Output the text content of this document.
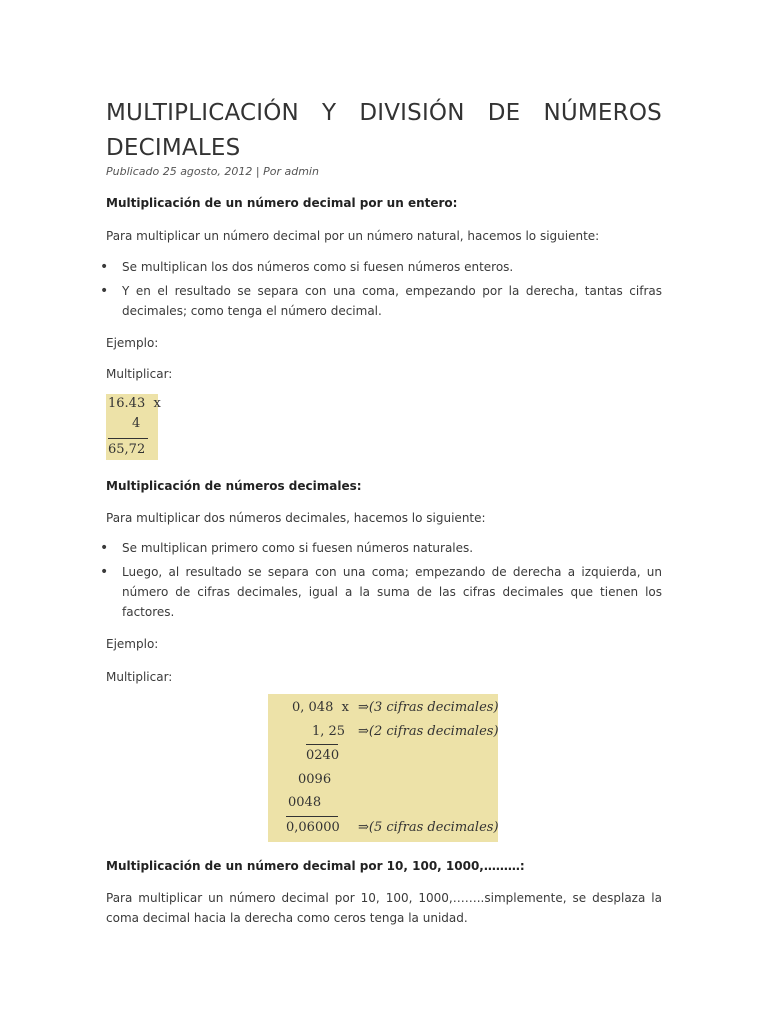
MULTIPLICACIÓN Y DIVISIÓN DE NÚMEROS
DECIMALES
Publicado 25 agosto, 2012 | Por admin
Multiplicación de un número decimal por un entero:
Para multiplicar un número decimal por un número natural, hacemos lo siguiente:
• Se multiplican los dos números como si fuesen números enteros.
• Y en el resultado se separa con una coma, empezando por la derecha, tantas cifras decimales; como tenga el número decimal.
Ejemplo:
Multiplicar:
16.43  x
4
65,72
Multiplicación de números decimales:
Para multiplicar dos números decimales, hacemos lo siguiente:
• Se multiplican primero como si fuesen números naturales.
• Luego, al resultado se separa con una coma; empezando de derecha a izquierda, un número de cifras decimales, igual a la suma de las cifras decimales que tienen los factores.
Ejemplo:
Multiplicar:
0, 048  x ⇒(3 cifras decimales)
1, 25 ⇒(2 cifras decimales)
0240
0096
0048
0,06000 ⇒(5 cifras decimales)
Multiplicación de un número decimal por 10, 100, 1000,………:
Para multiplicar un número decimal por 10, 100, 1000,……..simplemente, se desplaza la coma decimal hacia la derecha como ceros tenga la unidad.
